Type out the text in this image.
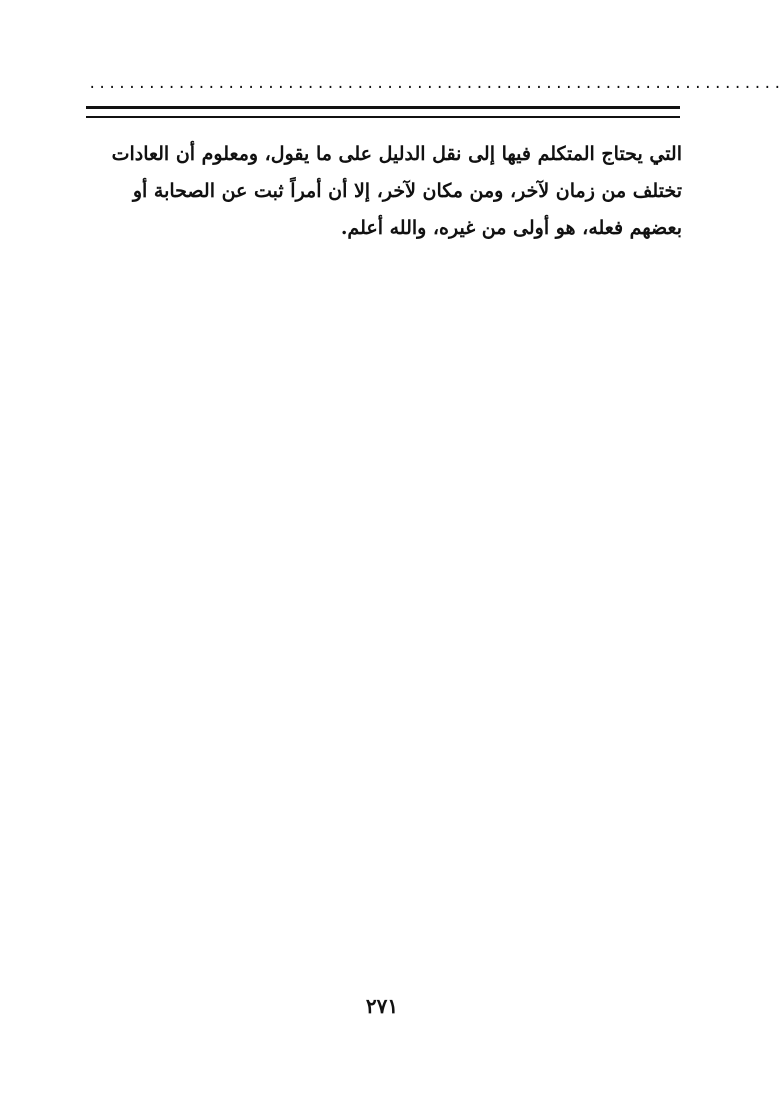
......................................................................
التي يحتاج المتكلم فيها إلى نقل الدليل على ما يقول، ومعلوم أن العادات
تختلف من زمان لآخر، ومن مكان لآخر، إلا أن أمراً ثبت عن الصحابة أو
بعضهم فعله، هو أولى من غيره، والله أعلم.
٢٧١
